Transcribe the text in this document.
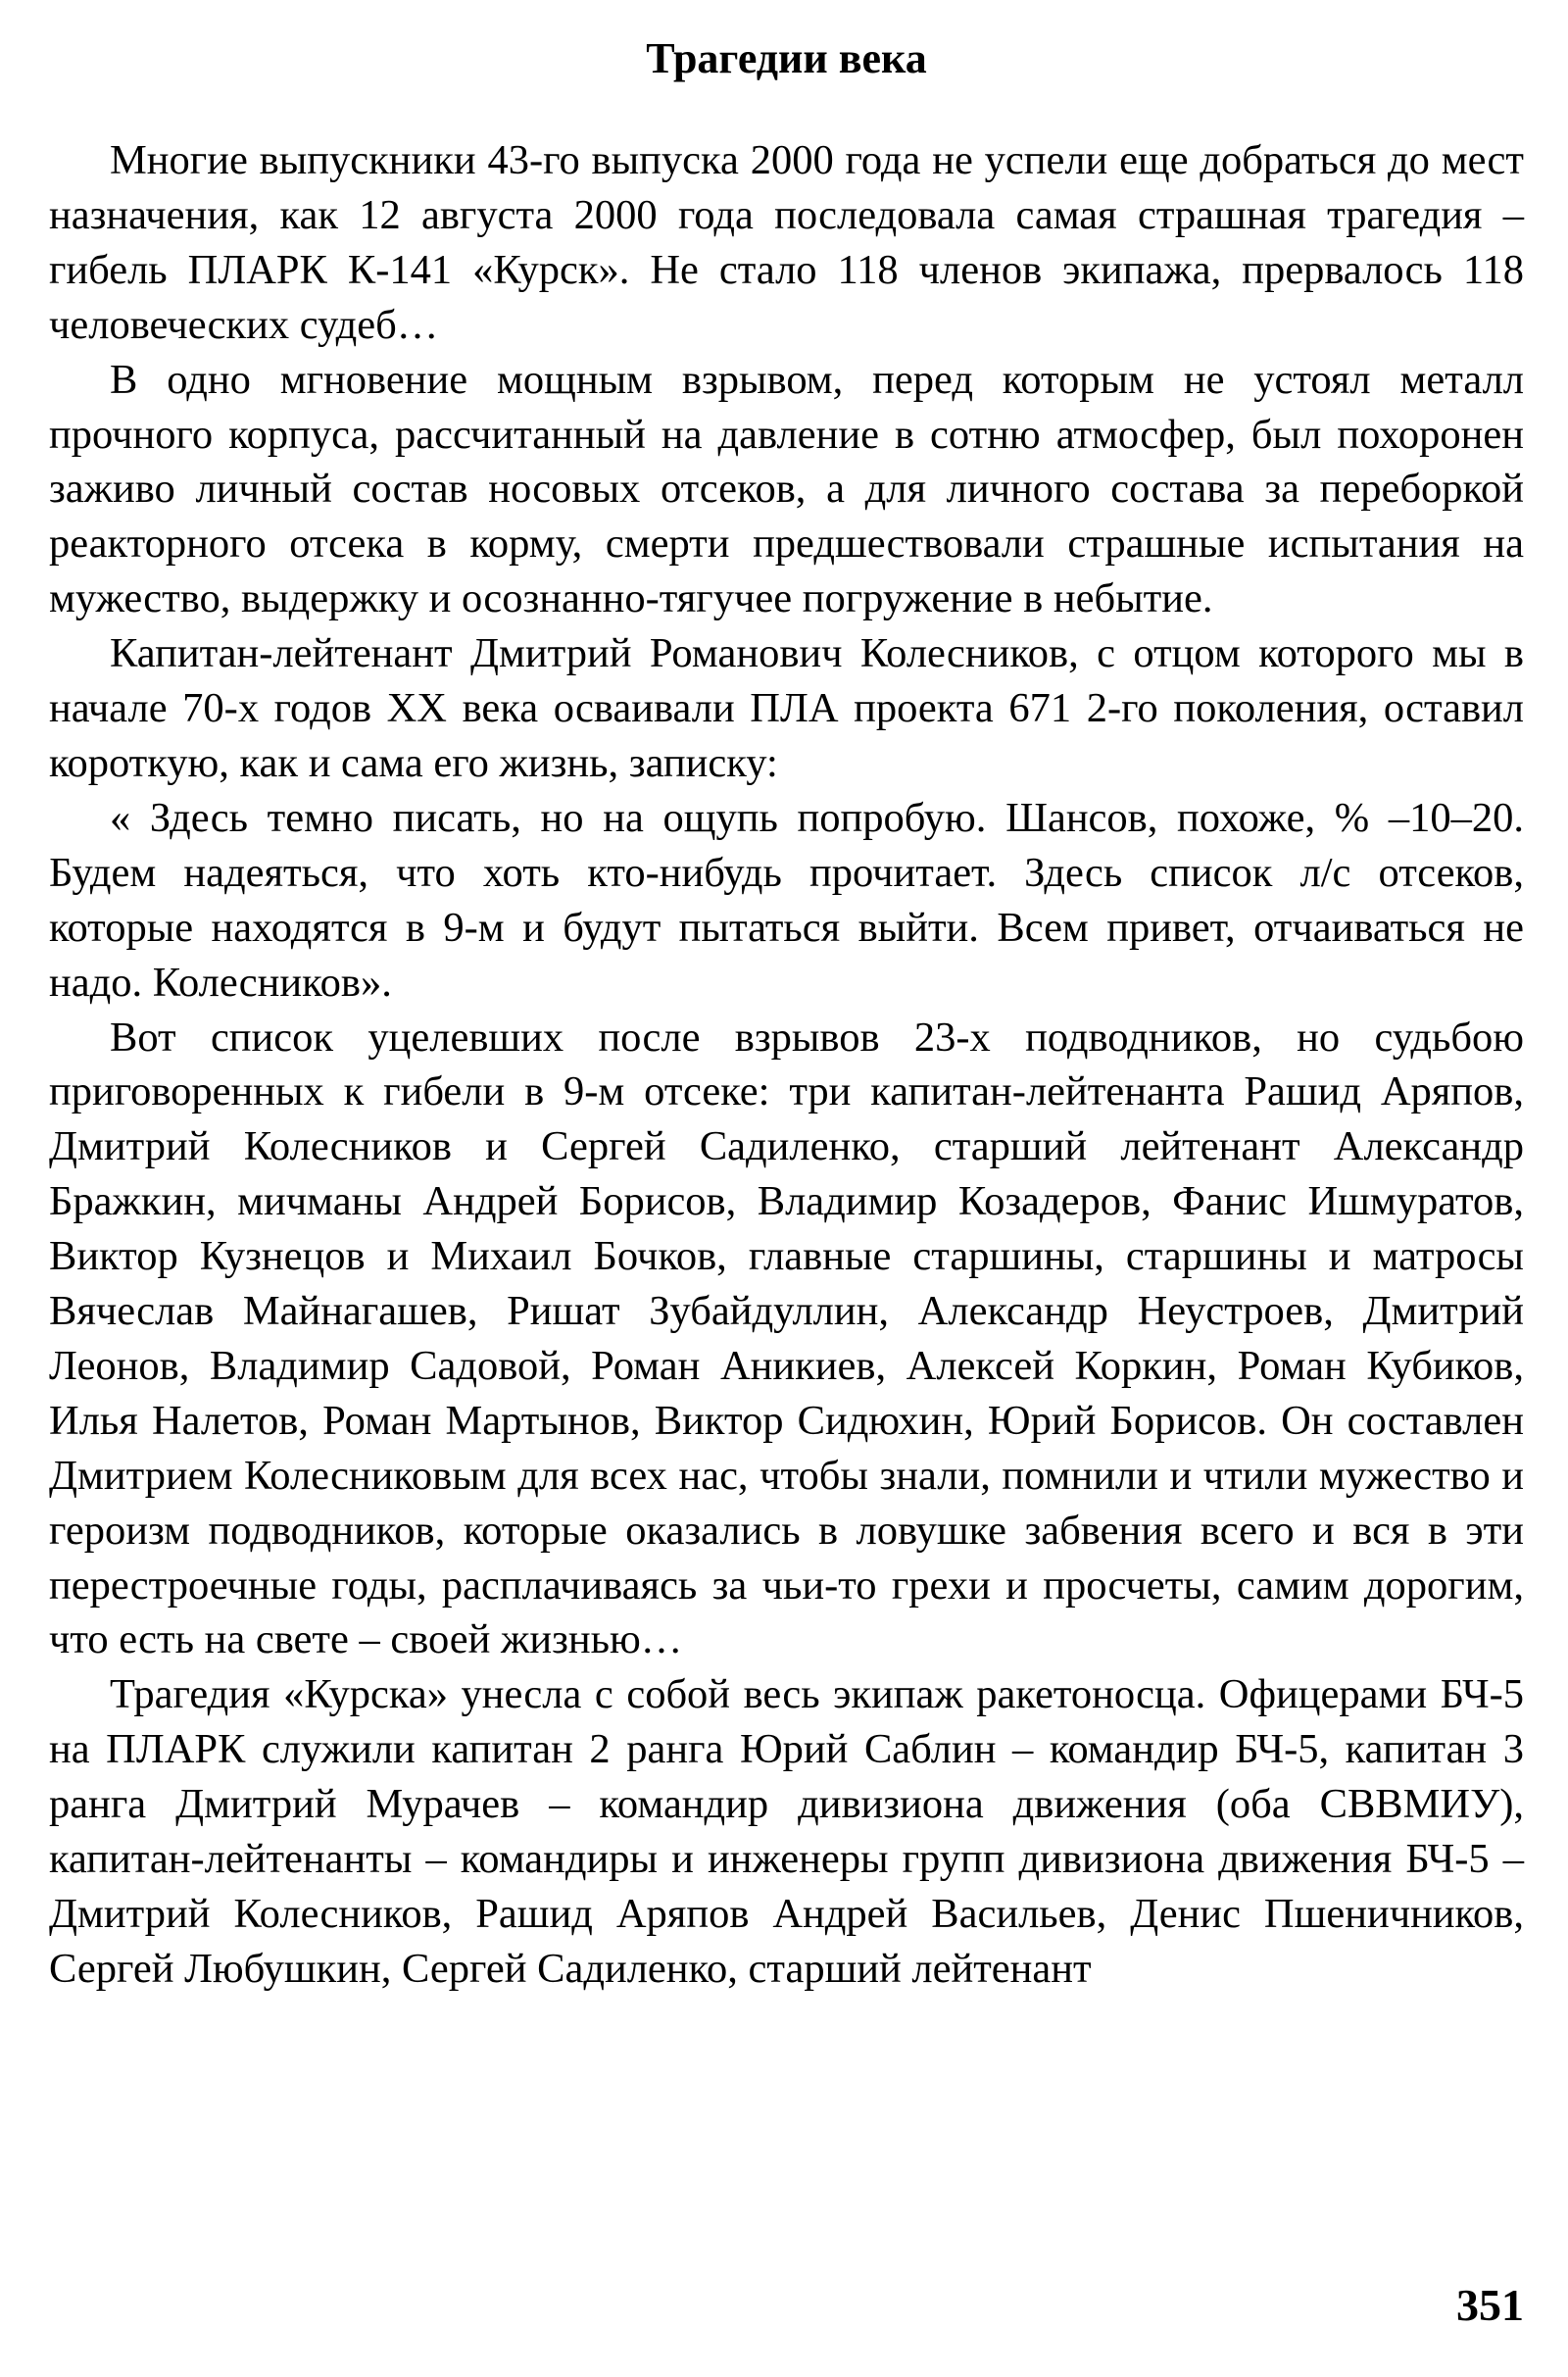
Трагедии века

Многие выпускники 43-го выпуска 2000 года не успели еще добраться до мест назначения, как 12 августа 2000 года последовала самая страшная трагедия – гибель ПЛАРК К-141 «Курск». Не стало 118 членов экипажа, прервалось 118 человеческих судеб…

В одно мгновение мощным взрывом, перед которым не устоял металл прочного корпуса, рассчитанный на давление в сотню атмосфер, был похоронен заживо личный состав носовых отсеков, а для личного состава за переборкой реакторного отсека в корму, смерти предшествовали страшные испытания на мужество, выдержку и осознанно-тягучее погружение в небытие.

Капитан-лейтенант Дмитрий Романович Колесников, с отцом которого мы в начале 70-х годов XX века осваивали ПЛА проекта 671 2-го поколения, оставил короткую, как и сама его жизнь, записку:

« Здесь темно писать, но на ощупь попробую. Шансов, похоже, % –10–20. Будем надеяться, что хоть кто-нибудь прочитает. Здесь список л/с отсеков, которые находятся в 9-м и будут пытаться выйти. Всем привет, отчаиваться не надо. Колесников».

Вот список уцелевших после взрывов 23-х подводников, но судьбою приговоренных к гибели в 9-м отсеке: три капитан-лейтенанта Рашид Аряпов, Дмитрий Колесников и Сергей Садиленко, старший лейтенант Александр Бражкин, мичманы Андрей Борисов, Владимир Козадеров, Фанис Ишмуратов, Виктор Кузнецов и Михаил Бочков, главные старшины, старшины и матросы Вячеслав Майнагашев, Ришат Зубайдуллин, Александр Неустроев, Дмитрий Леонов, Владимир Садовой, Роман Аникиев, Алексей Коркин, Роман Кубиков, Илья Налетов, Роман Мартынов, Виктор Сидюхин, Юрий Борисов. Он составлен Дмитрием Колесниковым для всех нас, чтобы знали, помнили и чтили мужество и героизм подводников, которые оказались в ловушке забвения всего и вся в эти перестроечные годы, расплачиваясь за чьи-то грехи и просчеты, самим дорогим, что есть на свете – своей жизнью…

Трагедия «Курска» унесла с собой весь экипаж ракетоносца. Офицерами БЧ-5 на ПЛАРК служили капитан 2 ранга Юрий Саблин – командир БЧ-5, капитан 3 ранга Дмитрий Мурачев – командир дивизиона движения (оба СВВМИУ), капитан-лейтенанты – командиры и инженеры групп дивизиона движения БЧ-5 – Дмитрий Колесников, Рашид Аряпов Андрей Васильев, Денис Пшеничников, Сергей Любушкин, Сергей Садиленко, старший лейтенант

351
